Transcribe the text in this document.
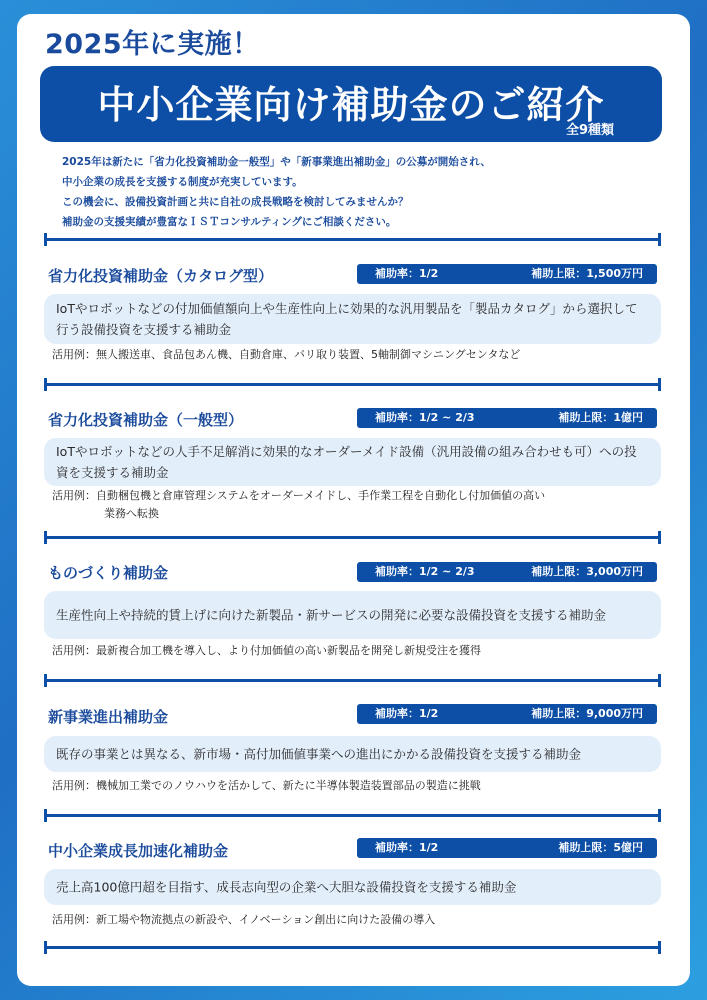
2025年に実施！
中小企業向け補助金のご紹介
全9種類
2025年は新たに「省力化投資補助金一般型」や「新事業進出補助金」の公募が開始され、
中小企業の成長を支援する制度が充実しています。
この機会に、設備投資計画と共に自社の成長戦略を検討してみませんか？
補助金の支援実績が豊富なＩＳＴコンサルティングにご相談ください。
省力化投資補助金（カタログ型）	補助率：1/2	補助上限：1,500万円
IoTやロボットなどの付加価値額向上や生産性向上に効果的な汎用製品を「製品カタログ」から選択して行う設備投資を支援する補助金
活用例：無人搬送車、食品包あん機、自動倉庫、バリ取り装置、5軸制御マシニングセンタなど
省力化投資補助金（一般型）	補助率：1/2 ~ 2/3	補助上限：1億円
IoTやロボットなどの人手不足解消に効果的なオーダーメイド設備（汎用設備の組み合わせも可）への投資を支援する補助金
活用例：自動梱包機と倉庫管理システムをオーダーメイドし、手作業工程を自動化し付加価値の高い
業務へ転換
ものづくり補助金	補助率：1/2 ~ 2/3	補助上限：3,000万円
生産性向上や持続的賃上げに向けた新製品・新サービスの開発に必要な設備投資を支援する補助金
活用例：最新複合加工機を導入し、より付加価値の高い新製品を開発し新規受注を獲得
新事業進出補助金	補助率：1/2	補助上限：9,000万円
既存の事業とは異なる、新市場・高付加価値事業への進出にかかる設備投資を支援する補助金
活用例：機械加工業でのノウハウを活かして、新たに半導体製造装置部品の製造に挑戦
中小企業成長加速化補助金	補助率：1/2	補助上限：5億円
売上高100億円超を目指す、成長志向型の企業へ大胆な設備投資を支援する補助金
活用例：新工場や物流拠点の新設や、イノベーション創出に向けた設備の導入
